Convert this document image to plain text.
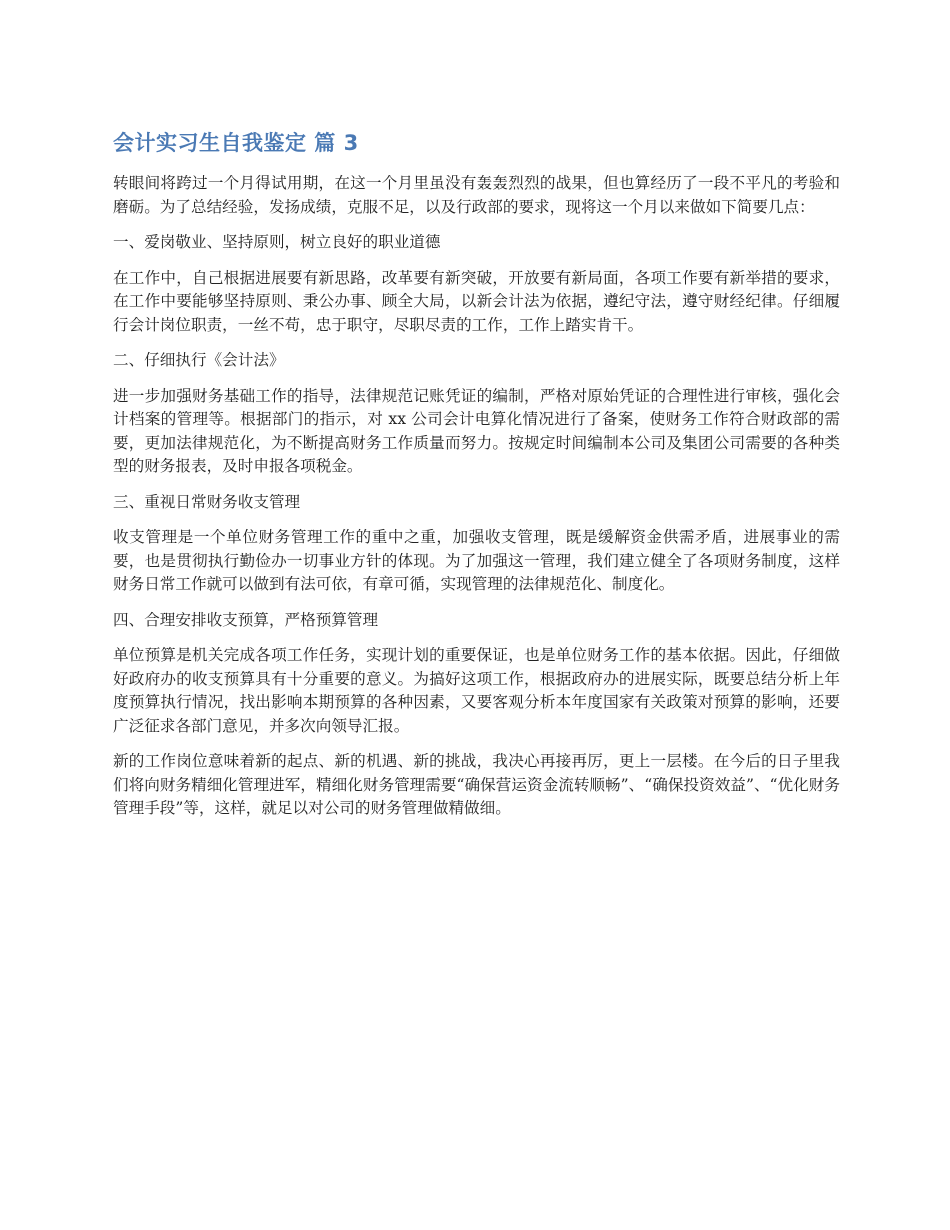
会计实习生自我鉴定 篇 3

转眼间将跨过一个月得试用期，在这一个月里虽没有轰轰烈烈的战果，但也算经历了一段不平凡的考验和磨砺。为了总结经验，发扬成绩，克服不足，以及行政部的要求，现将这一个月以来做如下简要几点：

一、爱岗敬业、坚持原则，树立良好的职业道德

在工作中，自己根据进展要有新思路，改革要有新突破，开放要有新局面，各项工作要有新举措的要求，在工作中要能够坚持原则、秉公办事、顾全大局，以新会计法为依据，遵纪守法，遵守财经纪律。仔细履行会计岗位职责，一丝不苟，忠于职守，尽职尽责的工作，工作上踏实肯干。

二、仔细执行《会计法》

进一步加强财务基础工作的指导，法律规范记账凭证的编制，严格对原始凭证的合理性进行审核，强化会计档案的管理等。根据部门的指示，对 xx 公司会计电算化情况进行了备案，使财务工作符合财政部的需要，更加法律规范化，为不断提高财务工作质量而努力。按规定时间编制本公司及集团公司需要的各种类型的财务报表，及时申报各项税金。

三、重视日常财务收支管理

收支管理是一个单位财务管理工作的重中之重，加强收支管理，既是缓解资金供需矛盾，进展事业的需要，也是贯彻执行勤俭办一切事业方针的体现。为了加强这一管理，我们建立健全了各项财务制度，这样财务日常工作就可以做到有法可依，有章可循，实现管理的法律规范化、制度化。

四、合理安排收支预算，严格预算管理

单位预算是机关完成各项工作任务，实现计划的重要保证，也是单位财务工作的基本依据。因此，仔细做好政府办的收支预算具有十分重要的意义。为搞好这项工作，根据政府办的进展实际，既要总结分析上年度预算执行情况，找出影响本期预算的各种因素，又要客观分析本年度国家有关政策对预算的影响，还要广泛征求各部门意见，并多次向领导汇报。

新的工作岗位意味着新的起点、新的机遇、新的挑战，我决心再接再厉，更上一层楼。在今后的日子里我们将向财务精细化管理进军，精细化财务管理需要“确保营运资金流转顺畅”、“确保投资效益”、“优化财务管理手段”等，这样，就足以对公司的财务管理做精做细。
